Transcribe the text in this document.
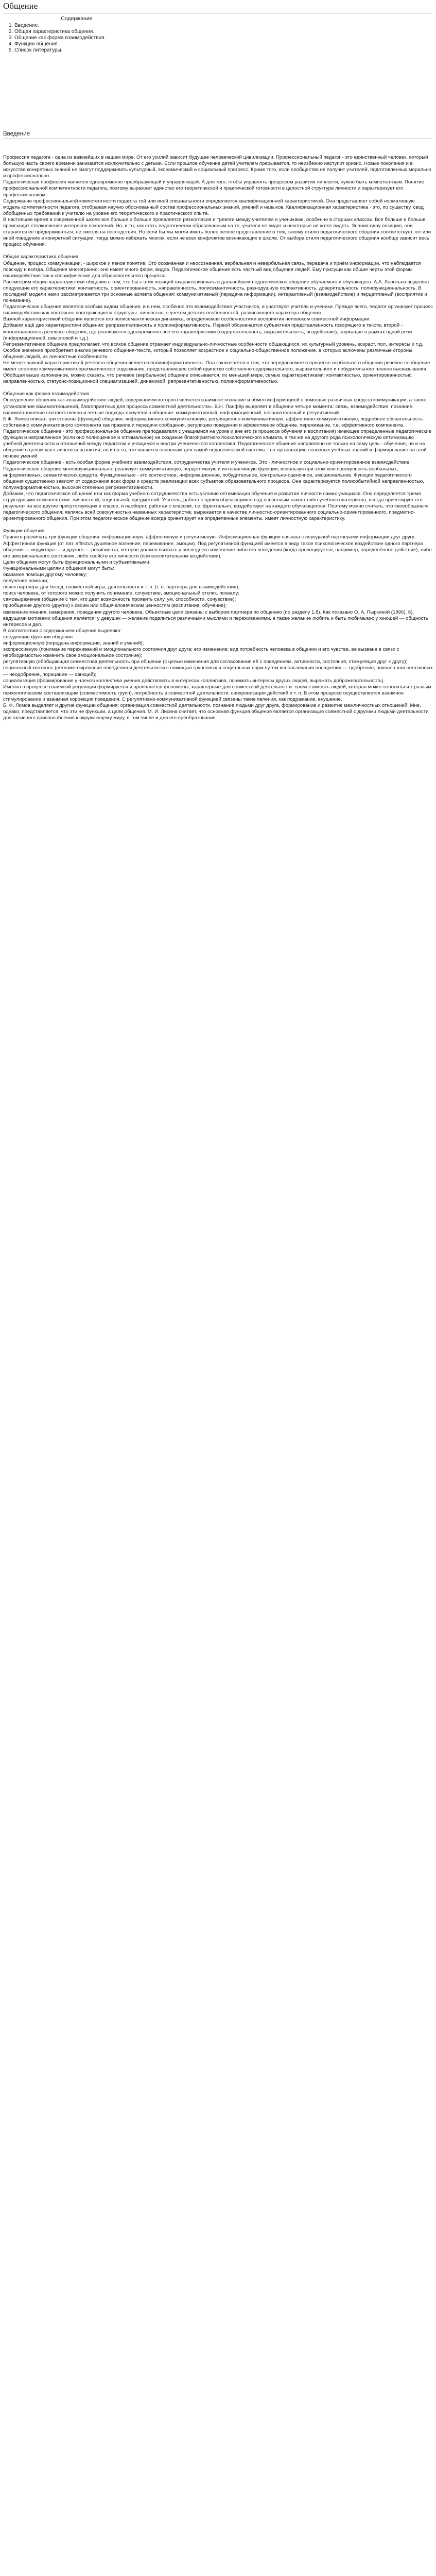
Общение
Содержание
1. Введение.
2. Общая характеристика общения.
3. Общение как форма взаимодействия.
4. Функции общения.
5. Список литературы.
Введение

Профессия педагога - одна из важнейших в нашем мире. От его усилий зависит будущее человеческой цивилизации. Профессиональный педагог - это единственный человек, который большую часть своего времени занимается исключительно с детьми. Если прошлое обучение детей учителем прерывается, то неизбежно наступит кризис. Новые поколения и в искусстве конкретных знаний не смогут поддерживать культурный, экономический и социальный прогресс. Кроме того, если сообщество не получит учителей, подготовленных морально и профессионально.

Педагогическая профессия является одновременно преобразующей и управляющей. А для того, чтобы управлять процессом развития личности, нужно быть компетентным. Понятие профессиональной компетентности педагога, поэтому выражает единство его теоретической и практической готовности в целостной структуре личности и характеризует его профессионализм.

Содержание профессиональной компетентности педагога той или иной специальности определяется квалификационной характеристикой. Она представляет собой нормативную модель компетентности педагога, отображая научно обоснованный состав профессиональных знаний, умений и навыков. Квалификационная характеристика - это, по существу, свод обобщенных требований к учителю на уровне его теоретического и практического опыта.

В настоящее время в современной школе все больше и больше проявляется разногласия и тревоги между учителем и учениками, особенно в старших классах. Все больше и больше происходит столкновение интересов поколений. Но, и то, как стать педагогически образованным на то, учителя не видят и некоторые не хотят видеть. Знания одну позицию, они стараются ее придерживаться, не смотря на последствия. Но если бы мы могли иметь более четкое представление о том, какому стилю педагогического общения соответствует тот или иной поведение в конкретной ситуации, тогда можно избежать многих, если не всех конфликтов возникающих в школе. От выбора стиля педагогического общения вообще зависит весь процесс обучения.

Общая характеристика общения.

Общение, процесс коммуникации, - широкое и явное понятие. Это осознанная и неосознанная, вербальная и невербальная связь, передача и приём информации, что наблюдается повсюду и всегда. Общение многогранно: оно имеет много форм, видов. Педагогическое общение есть частный вид общения людей. Ему присущи как общие черты этой формы взаимодействия так и специфические для образовательного процесса.

Рассмотрим общие характеристики общения с тем, что бы с этих позиций охарактеризовать в дальнейшем педагогическое общение обучаемого и обучающего. А.А. Леонтьев выделяет следующие его характеристики: контактность, ориентированность, направленность, полисемантичность, равнодушную полиактивность, доверительность, полифункциональность. В последней модели нами рассматривается три основные аспекта общения: коммуникативный (передача информации), интерактивный (взаимодействие) и перцептивный (восприятие и понимание).

Педагогическое общение является особым видом общения, и в нем, особенно это взаимодействие участников, и участвуют учитель и ученики. Прежде всего, педагог организует процесс взаимодействия как постоянно повторяющиеся структуры: личностно, с учетом детских особенностей, развивающего характера общения.

Важной характеристикой общения является его полисемантическая динамика, определяемая особенностями восприятия человеком совместной информации.

Добавим ещё две характеристики общения: репрезентативность и полиинформативность. Первой обозначается субъектная представленность говорящего в тексте, второй - многоплановость речевого общения, где реализуется одновременно все его характеристики (содержательность, выразительность, воздействие), служащие в рамках одной речи (информационной, смысловой и т.д.).

Репрезентативное общение предполагает, что всякое общение отражает индивидуально-личностные особенности общающихся, их культурный уровень, возраст, пол, интересы и т.д. Особое значение приобретает анализ речевого общения-текста, который позволяет возрастное и социально-общественное положение, в которых включены различные стороны общения людей, их личностные особенности.

Не менее важной характеристикой речевого общения является полиинформативность. Она заключается в том, что передаваемое в процессе вербального общения речевое сообщение имеет сложное коммуникативно-прагматическое содержание, представляющее собой единство собственно содержательного, выразительного и побудительного планов высказывания. Обобщая выше изложенное, можно сказать, что речевое (вербальное) общение описывается, по меньшей мере, семью характеристиками: контактностью, ориентированностью, направленностью, статусно-позиционной специализацией, динамикой, репрезентативностью, полиинформативностью.

Общение как форма взаимодействия.

Определение общения как «взаимодействие людей, содержанием которого является взаимное познание и обмен информацией с помощью различных средств коммуникации, а также установление взаимоотношений, благоприятных для процесса совместной деятельности». В.Н. Панфёр выделяет в общении четыре момента: связь, взаимодействие, познание, взаимоотношение соответственно и четыре подхода к изучению общения: коммуникативный, информационный, познавательный и регулятивный.

Б.Ф. Ломов описал три стороны (функции) общения: информационно-коммуникативную, регуляционно-коммуникативную, аффективно-коммуникативную, подробнее обязательность собственно коммуникативного компонента как правила и передачи сообщения, регуляцию поведения и аффективное общение, переживание, т.е. эффективного компонента.

Педагогическое общение - это профессиональное общение преподавателя с учащимися на уроке и вне его (в процессе обучения и воспитания) имеющее определенные педагогические функции и направленное (если оно полноценное и оптимальное) на создание благоприятного психологического климата, а так же на другого рода психологическую оптимизацию учебной деятельности и отношений между педагогом и учащимся и внутри ученического коллектива. Педагогическое общение направлено не только на саму цель - обучение, но и на общение в целом как к личности развития, но и на то, что является основным для самой педагогической системы - на организацию основных учебных знаний и формирование на этой основе умений.

Педагогическое общение - есть особая форма учебного взаимодействия, сотрудничества учителя и учеников. Это - личностное и социально-ориентированное взаимодействие. Педагогическое общение многофункционально: реализует коммуникативную, перцептивную и интерактивную функции, используя при этом всю совокупность вербальных, информативных, семантических средств. Функционально - это контекстное, информационное, побудительное, контрольно-оценочное, эмоциональное. Функции педагогического общения существенно зависят от содержания всех форм и средств реализации всех субъектов образовательного процесса. Она характеризуется полисобытийной направленностью, полуинформативностью, высокой степенью репрезентативности.

Добавим, что педагогическое общение или как форма учебного сотрудничества есть условие оптимизации обучения и развития личности самих учащихся. Оно определяется тремя структурными компонентами: личностной, социальной, предметной. Учитель, работа с одним обучающимся над освоенным какого-либо учебного материала, всегда ориентирует его результат на все другие присутствующих в классе, и наоборот, работая с классом, т.е. фронтально, воздействует на каждого обучающегося. Поэтому можно считать, что своеобразным педагогического общения, являясь всей совокупностью названных характеристик, выражается в качестве личностно-ориентированного социально-ориентированного, предметно-ориентированного общения. При этом педагогическое общение всегда ориентирует на определенные элементы, имеет личностную характеристику.

Функции общения.

Принято различать три функции общения: информационную, аффективную и регулятивную. Информационная функция связана с передачей партнерами информации друг другу. Аффективная функция (от лат. affectus душевное волнение, переживание, эмоции). Под регулятивной функцией имеется в виду такое психологическое воздействие одного партнера общения — индуктора — и другого — реципиента, которое должно вызвать у последнего изменение либо его поведения (когда провоцируется, например, определённое действие), либо его эмоционального состояния, либо свойств его личности (при воспитательном воздействии).

Цели общения могут быть функциональными и субъективными.

Функциональными целями общения могут быть:

оказание помощи другому человеку;

получение помощи;

поиск партнера для бесед, совместной игры, деятельности и т. п. (т. е. партнера для взаимодействия);

поиск человека, от которого можно получить понимание, сочувствие, эмоциональный отклик, похвалу;

самовыражение (общение с тем, кто дает возможность проявить силу, ум, способности, сочувствие);

приобщение другого (других) к своим или общечеловеческим ценностям (воспитание, обучение);

изменение мнения, намерения, поведения другого человека. Объектные цели связаны с выбором партнера по общению (по разделу 1.8). Как показано О. А. Пыркиной (1996), 6), ведущими мотивами общения является: у девушек — желание поделиться различными мыслями и переживаниями, а также желание любить и быть любимыми; у юношей — общность интересов и дел.

В соответствии с содержанием общения выделяют:

следующие функции общения:

информационную (передача информации, знаний и умений);

экспрессивную (понимание переживаний и эмоционального состояния друг друга; его изменение; вид потребность человека в общении и его чувстве, ее вызвана в связи с необходимостью изменить свое эмоциональное состояние);

регулятивную (обобщающая совместная деятельность при общении (с целью изменения для согласования её с поведением, активности, состояния, стимуляция друг к другу);

социальный контроль (регламентирование поведения и деятельности с помощью групповых и социальных норм путем использования поощрения — одобрение, похвала или негативных — неодобрение, порицание — санкций);

социализация (формирование у членов коллектива умения действовать в интересах коллектива, понимать интересы других людей, выражать доброжелательность).

Именно в процессе взаимной регуляции формируется и проявляется феномены, характерные для совместной деятельности: совместимость людей, которая может относиться к разным психологическим составляющим (совместимость групп), потребность в совместной деятельности, синхронизация действий и т. п. В этом процессе осуществляется взаимное стимулирование и взаимная коррекция поведения. С регулятивно-коммуникативной функцией связаны такие явления, как подражание, внушение.

Б. Ф. Ломов выделяет и другие функции общения: организация совместной деятельности, познание людьми друг друга, формирование и развитие межличностных отношений. Мне, однако, представляется, что эти не функции, а цели общения. М. И. Лисина считает, что основная функция общения является организация совместной с другими людьми деятельности для активного приспособления к окружающему миру, в том числе и для его преобразования.
